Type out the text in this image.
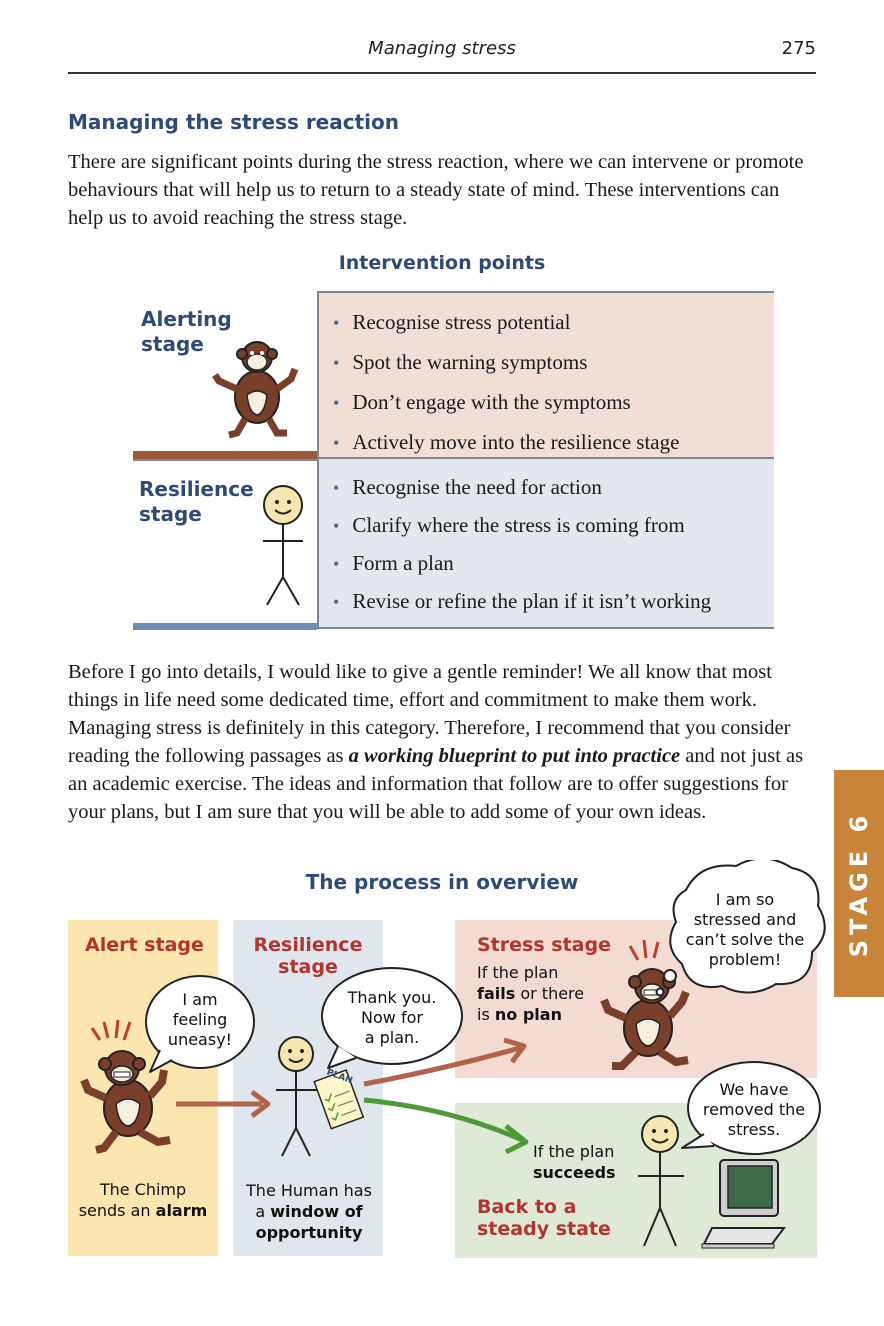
Managing stress	275
Managing the stress reaction
There are significant points during the stress reaction, where we can intervene or promote behaviours that will help us to return to a steady state of mind. These interventions can help us to avoid reaching the stress stage.
Intervention points
Alerting
stage
• Recognise stress potential
• Spot the warning symptoms
• Don’t engage with the symptoms
• Actively move into the resilience stage
Resilience
stage
• Recognise the need for action
• Clarify where the stress is coming from
• Form a plan
• Revise or refine the plan if it isn’t working
Before I go into details, I would like to give a gentle reminder! We all know that most things in life need some dedicated time, effort and commitment to make them work. Managing stress is definitely in this category. Therefore, I recommend that you consider reading the following passages as a working blueprint to put into practice and not just as an academic exercise. The ideas and information that follow are to offer suggestions for your plans, but I am sure that you will be able to add some of your own ideas.	STAGE 6
The process in overview
Alert stage
The Chimp
sends an alarm
Resilience
stage
The Human has
a window of
opportunity
Stress stage
If the plan
fails or there
is no plan
If the plan
succeeds
Back to a
steady state
I am
feeling
uneasy!
Thank you.
Now for
a plan.
PLAN
I am so
stressed and
can’t solve the
problem!
We have
removed the
stress.
